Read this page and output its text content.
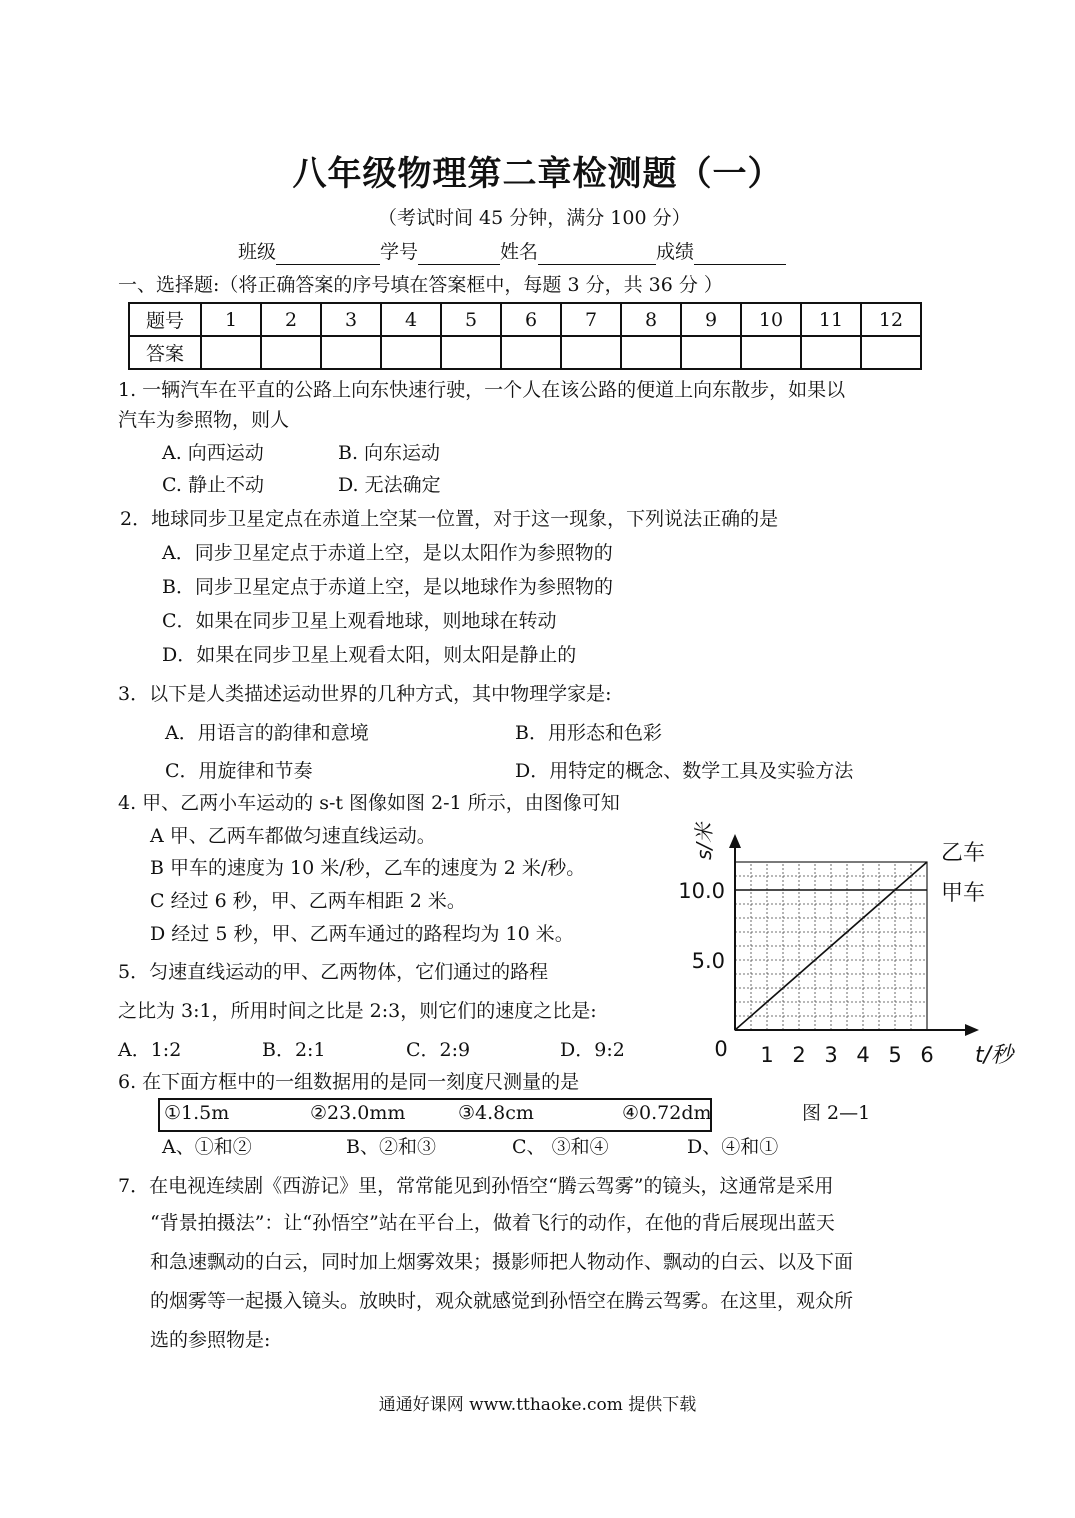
八年级物理第二章检测题（一）
（考试时间 45 分钟，满分 100 分）
班级	学号	姓名	成绩
一、选择题:（将正确答案的序号填在答案框中，每题 3 分，共 36 分 ）
题号	1	2	3	4	5	6	7	8	9	10	11	12
答案												
1. 一辆汽车在平直的公路上向东快速行驶，一个人在该公路的便道上向东散步，如果以
汽车为参照物，则人
A. 向西运动	B. 向东运动
C. 静止不动	D. 无法确定
2．地球同步卫星定点在赤道上空某一位置，对于这一现象，下列说法正确的是
A．同步卫星定点于赤道上空，是以太阳作为参照物的
B．同步卫星定点于赤道上空，是以地球作为参照物的
C．如果在同步卫星上观看地球，则地球在转动
D．如果在同步卫星上观看太阳，则太阳是静止的
3．以下是人类描述运动世界的几种方式，其中物理学家是:
A．用语言的韵律和意境	B．用形态和色彩
C．用旋律和节奏	D．用特定的概念、数学工具及实验方法
4. 甲、乙两小车运动的 s-t 图像如图 2-1 所示，由图像可知
A 甲、乙两车都做匀速直线运动。
B 甲车的速度为 10 米/秒，乙车的速度为 2 米/秒。
C 经过 6 秒，甲、乙两车相距 2 米。
D 经过 5 秒，甲、乙两车通过的路程均为 10 米。
5．匀速直线运动的甲、乙两物体，它们通过的路程
之比为 3:1，所用时间之比是 2:3，则它们的速度之比是:
A．1:2	B．2:1	C．2:9	D．9:2
6. 在下面方框中的一组数据用的是同一刻度尺测量的是
①1.5m	②23.0mm	③4.8cm	④0.72dm
A、①和②	B、②和③	C、 ③和④	D、④和①
7．在电视连续剧《西游记》里，常常能见到孙悟空“腾云驾雾”的镜头，这通常是采用
“背景拍摄法”：让“孙悟空”站在平台上，做着飞行的动作，在他的背后展现出蓝天
和急速飘动的白云，同时加上烟雾效果；摄影师把人物动作、飘动的白云、以及下面
的烟雾等一起摄入镜头。放映时，观众就感觉到孙悟空在腾云驾雾。在这里，观众所
选的参照物是:
乙车
甲车
10.0
5.0
1 2 3 4 5 6
0	t/秒
s/米
图 2—1
通通好课网 www.tthaoke.com 提供下载
